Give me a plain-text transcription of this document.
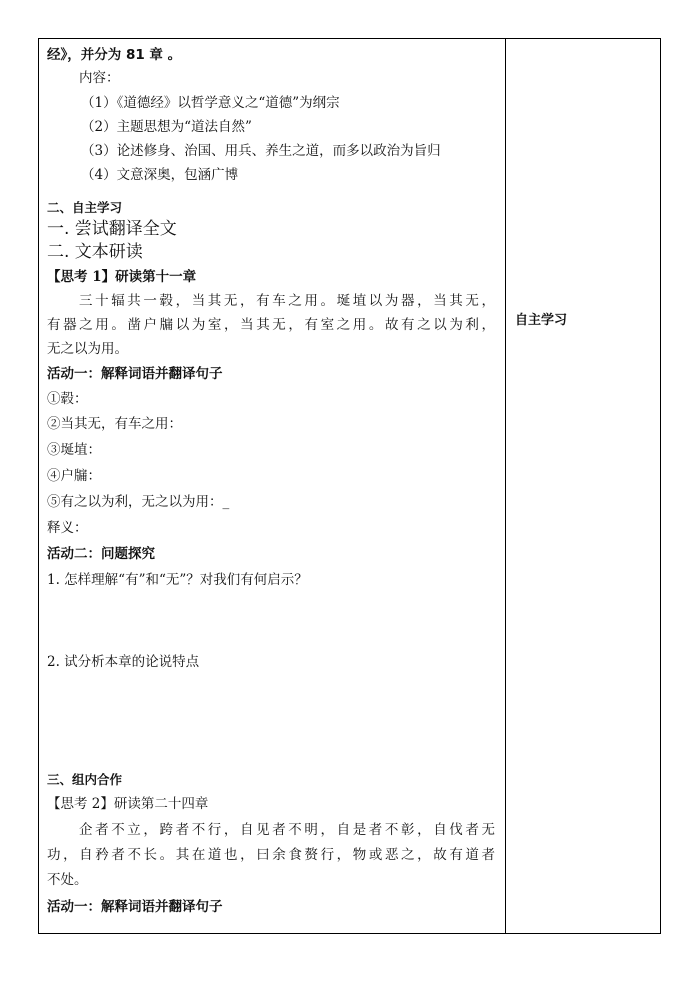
自主学习
经》，并分为 81 章 。
内容：
（1）《道德经》以哲学意义之“道德”为纲宗
（2）主题思想为“道法自然”
（3）论述修身、治国、用兵、养生之道，而多以政治为旨归
（4）文意深奥，包涵广博
二、自主学习
一. 尝试翻译全文
二. 文本研读
【思考 1】研读第十一章
三十辐共一毂，当其无，有车之用。埏埴以为器，当其无，
有器之用。凿户牖以为室，当其无，有室之用。故有之以为利，
无之以为用。
活动一：解释词语并翻译句子
①毂：
②当其无，有车之用：
③埏埴：
④户牖：
⑤有之以为利，无之以为用：_
释义：
活动二：问题探究
1. 怎样理解“有”和“无”？对我们有何启示？
2. 试分析本章的论说特点
三、组内合作
【思考 2】研读第二十四章
企者不立，跨者不行，自见者不明，自是者不彰，自伐者无
功，自矜者不长。其在道也，曰余食赘行，物或恶之，故有道者
不处。
活动一：解释词语并翻译句子
